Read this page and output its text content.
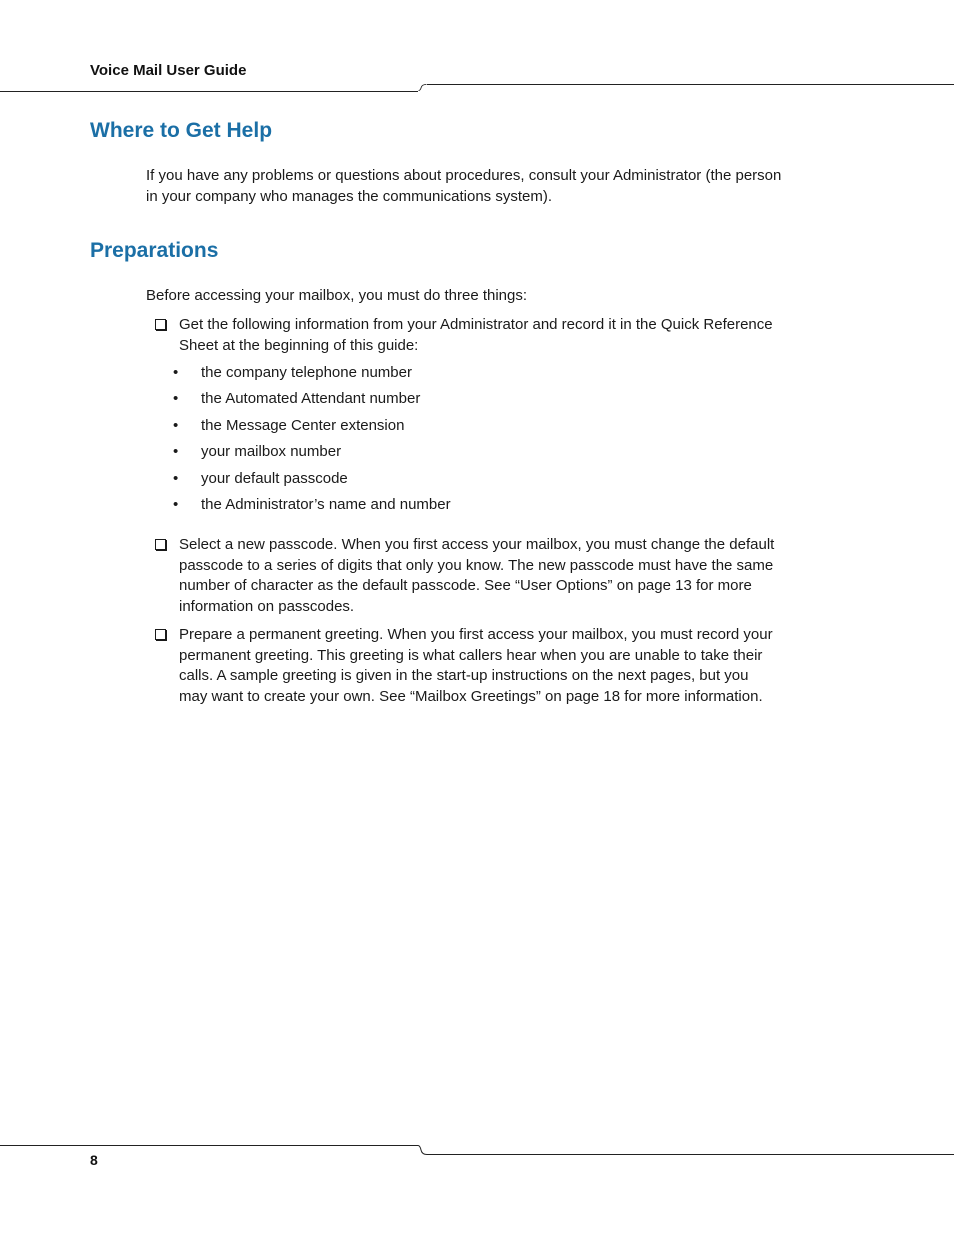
Voice Mail User Guide
Where to Get Help
If you have any problems or questions about procedures, consult your Administrator (the person
in your company who manages the communications system).
Preparations
Before accessing your mailbox, you must do three things:
Get the following information from your Administrator and record it in the Quick Reference
Sheet at the beginning of this guide:
• the company telephone number
• the Automated Attendant number
• the Message Center extension
• your mailbox number
• your default passcode
• the Administrator’s name and number
Select a new passcode. When you first access your mailbox, you must change the default
passcode to a series of digits that only you know. The new passcode must have the same
number of character as the default passcode. See “User Options” on page 13 for more
information on passcodes.
Prepare a permanent greeting. When you first access your mailbox, you must record your
permanent greeting. This greeting is what callers hear when you are unable to take their
calls. A sample greeting is given in the start-up instructions on the next pages, but you
may want to create your own. See “Mailbox Greetings” on page 18 for more information.
8
